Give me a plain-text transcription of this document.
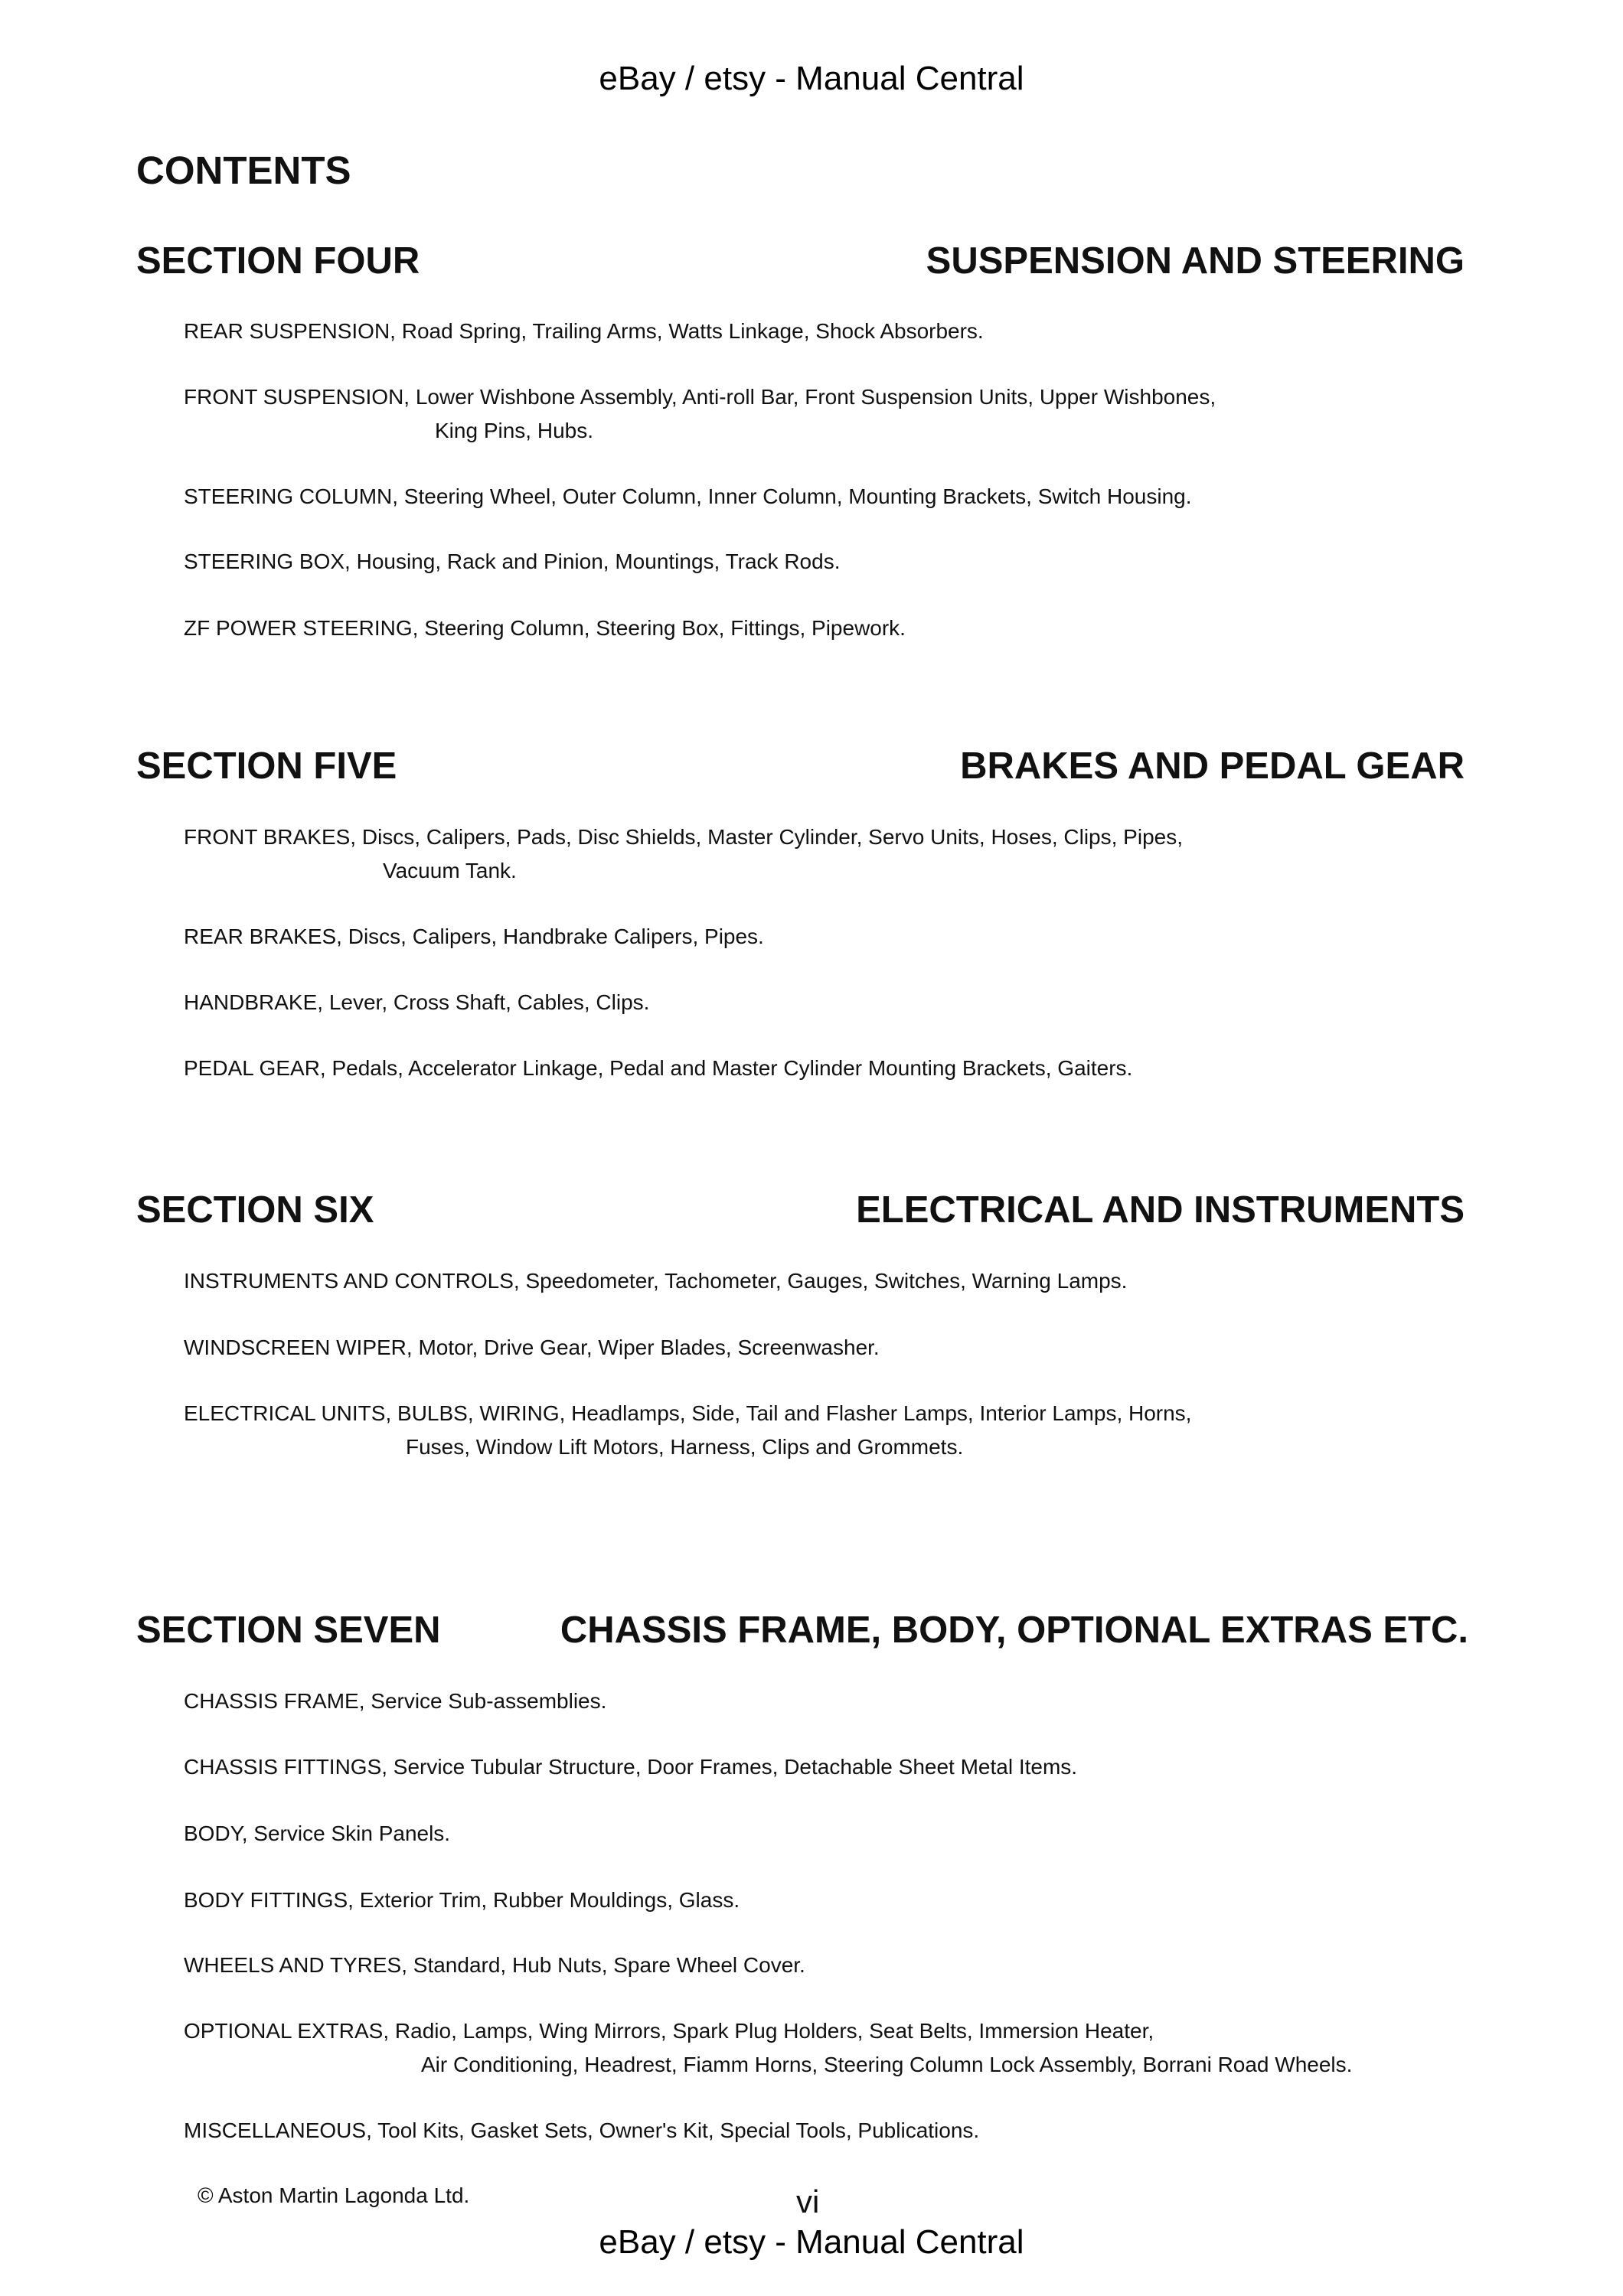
eBay / etsy - Manual Central
CONTENTS
SECTION FOUR	SUSPENSION AND STEERING
REAR SUSPENSION, Road Spring, Trailing Arms, Watts Linkage, Shock Absorbers.
FRONT SUSPENSION, Lower Wishbone Assembly, Anti-roll Bar, Front Suspension Units, Upper Wishbones,
King Pins, Hubs.
STEERING COLUMN, Steering Wheel, Outer Column, Inner Column, Mounting Brackets, Switch Housing.
STEERING BOX, Housing, Rack and Pinion, Mountings, Track Rods.
ZF POWER STEERING, Steering Column, Steering Box, Fittings, Pipework.
SECTION FIVE	BRAKES AND PEDAL GEAR
FRONT BRAKES, Discs, Calipers, Pads, Disc Shields, Master Cylinder, Servo Units, Hoses, Clips, Pipes,
Vacuum Tank.
REAR BRAKES, Discs, Calipers, Handbrake Calipers, Pipes.
HANDBRAKE, Lever, Cross Shaft, Cables, Clips.
PEDAL GEAR, Pedals, Accelerator Linkage, Pedal and Master Cylinder Mounting Brackets, Gaiters.
SECTION SIX	ELECTRICAL AND INSTRUMENTS
INSTRUMENTS AND CONTROLS, Speedometer, Tachometer, Gauges, Switches, Warning Lamps.
WINDSCREEN WIPER, Motor, Drive Gear, Wiper Blades, Screenwasher.
ELECTRICAL UNITS, BULBS, WIRING, Headlamps, Side, Tail and Flasher Lamps, Interior Lamps, Horns,
Fuses, Window Lift Motors, Harness, Clips and Grommets.
SECTION SEVEN	CHASSIS FRAME, BODY, OPTIONAL EXTRAS ETC.
CHASSIS FRAME, Service Sub-assemblies.
CHASSIS FITTINGS, Service Tubular Structure, Door Frames, Detachable Sheet Metal Items.
BODY, Service Skin Panels.
BODY FITTINGS, Exterior Trim, Rubber Mouldings, Glass.
WHEELS AND TYRES, Standard, Hub Nuts, Spare Wheel Cover.
OPTIONAL EXTRAS, Radio, Lamps, Wing Mirrors, Spark Plug Holders, Seat Belts, Immersion Heater,
Air Conditioning, Headrest, Fiamm Horns, Steering Column Lock Assembly, Borrani Road Wheels.
MISCELLANEOUS, Tool Kits, Gasket Sets, Owner's Kit, Special Tools, Publications.
© Aston Martin Lagonda Ltd.	vi
eBay / etsy - Manual Central
